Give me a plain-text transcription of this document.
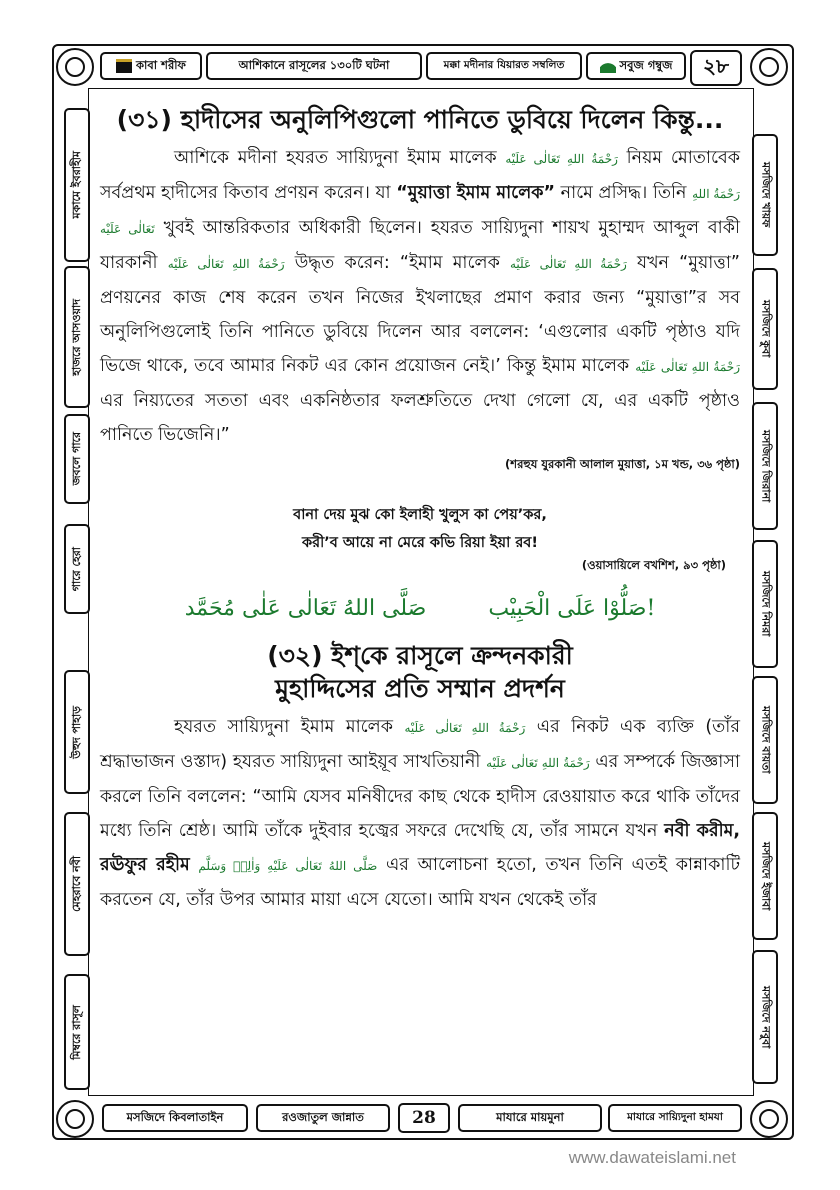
কাবা শরীফ	আশিকানে রাসূলের ১৩০টি ঘটনা	মক্কা মদীনার যিয়ারত সম্বলিত	সবুজ গম্বুজ	২৮
মকামে ইবরাহীম
হাজরে আসওয়াদ
জবলে গারে
গারে হেরা
উহুদ পাহাড়
মেহরাবে নবী
মিম্বরে রাসূল
মসজিদে খায়ফ
মসজিদে কুবা
মসজিদে জিরানা
মসজিদে নিমরা
মসজিদে বায়তা
মসজিদে ইজাবা
মসজিদে নবুবা
(৩১) হাদীসের অনুলিপিগুলো পানিতে ডুবিয়ে দিলেন কিন্তু...

আশিকে মদীনা হযরত সায়্যিদুনা ইমাম মালেক رَحْمَةُ اللهِ تَعَالٰى عَلَيْه নিয়ম মোতাবেক সর্বপ্রথম হাদীসের কিতাব প্রণয়ন করেন। যা “মুয়াত্তা ইমাম মালেক” নামে প্রসিদ্ধ। তিনি رَحْمَةُ اللهِ تَعَالٰى عَلَيْه খুবই আন্তরিকতার অধিকারী ছিলেন। হযরত সায়্যিদুনা শায়খ মুহাম্মদ আব্দুল বাকী যারকানী رَحْمَةُ اللهِ تَعَالٰى عَلَيْه উদ্ধৃত করেন: “ইমাম মালেক رَحْمَةُ اللهِ تَعَالٰى عَلَيْه যখন “মুয়াত্তা” প্রণয়নের কাজ শেষ করেন তখন নিজের ইখলাছের প্রমাণ করার জন্য “মুয়াত্তা”র সব অনুলিপিগুলোই তিনি পানিতে ডুবিয়ে দিলেন আর বললেন: ‘এগুলোর একটি পৃষ্ঠাও যদি ভিজে থাকে, তবে আমার নিকট এর কোন প্রয়োজন নেই।’ কিন্তু ইমাম মালেক رَحْمَةُ اللهِ تَعَالٰى عَلَيْه এর নিয়্যতের সততা এবং একনিষ্ঠতার ফলশ্রুতিতে দেখা গেলো যে, এর একটি পৃষ্ঠাও পানিতে ভিজেনি।”

(শরহুয যুরকানী আলাল মুয়াত্তা, ১ম খন্ড, ৩৬ পৃষ্ঠা)
বানা দেয় মুঝ কো ইলাহী খুলুস কা পেয়’কর,
করী’ব আয়ে না মেরে কভি রিয়া ইয়া রব!
(ওয়াসায়িলে বখশিশ, ৯৩ পৃষ্ঠা)
صَلَّى اللهُ تَعَالٰى عَلٰى مُحَمَّد	صَلُّوْا عَلَى الْحَبِيْب!
(৩২) ইশ্‌কে রাসূলে ক্রন্দনকারী
মুহাদ্দিসের প্রতি সম্মান প্রদর্শন

হযরত সায়্যিদুনা ইমাম মালেক رَحْمَةُ اللهِ تَعَالٰى عَلَيْه এর নিকট এক ব্যক্তি (তাঁর শ্রদ্ধাভাজন ওস্তাদ) হযরত সায়্যিদুনা আইয়ূব সাখতিয়ানী رَحْمَةُ اللهِ تَعَالٰى عَلَيْه এর সম্পর্কে জিজ্ঞাসা করলে তিনি বললেন: “আমি যেসব মনিষীদের কাছ থেকে হাদীস রেওয়ায়াত করে থাকি তাঁদের মধ্যে তিনি শ্রেষ্ঠ। আমি তাঁকে দুইবার হজ্বের সফরে দেখেছি যে, তাঁর সামনে যখন নবী করীম, রঊফুর রহীম صَلَّى اللهُ تَعَالٰى عَلَيْهِ وَاٰلِهٖ وَسَلَّم এর আলোচনা হতো, তখন তিনি এতই কান্নাকাটি করতেন যে, তাঁর উপর আমার মায়া এসে যেতো। আমি যখন থেকেই তাঁর

মসজিদে কিবলাতাইন	রওজাতুল জান্নাত	28	মাযারে মায়মুনা	মাযারে সায়্যিদুনা হামযা
www.dawateislami.net
